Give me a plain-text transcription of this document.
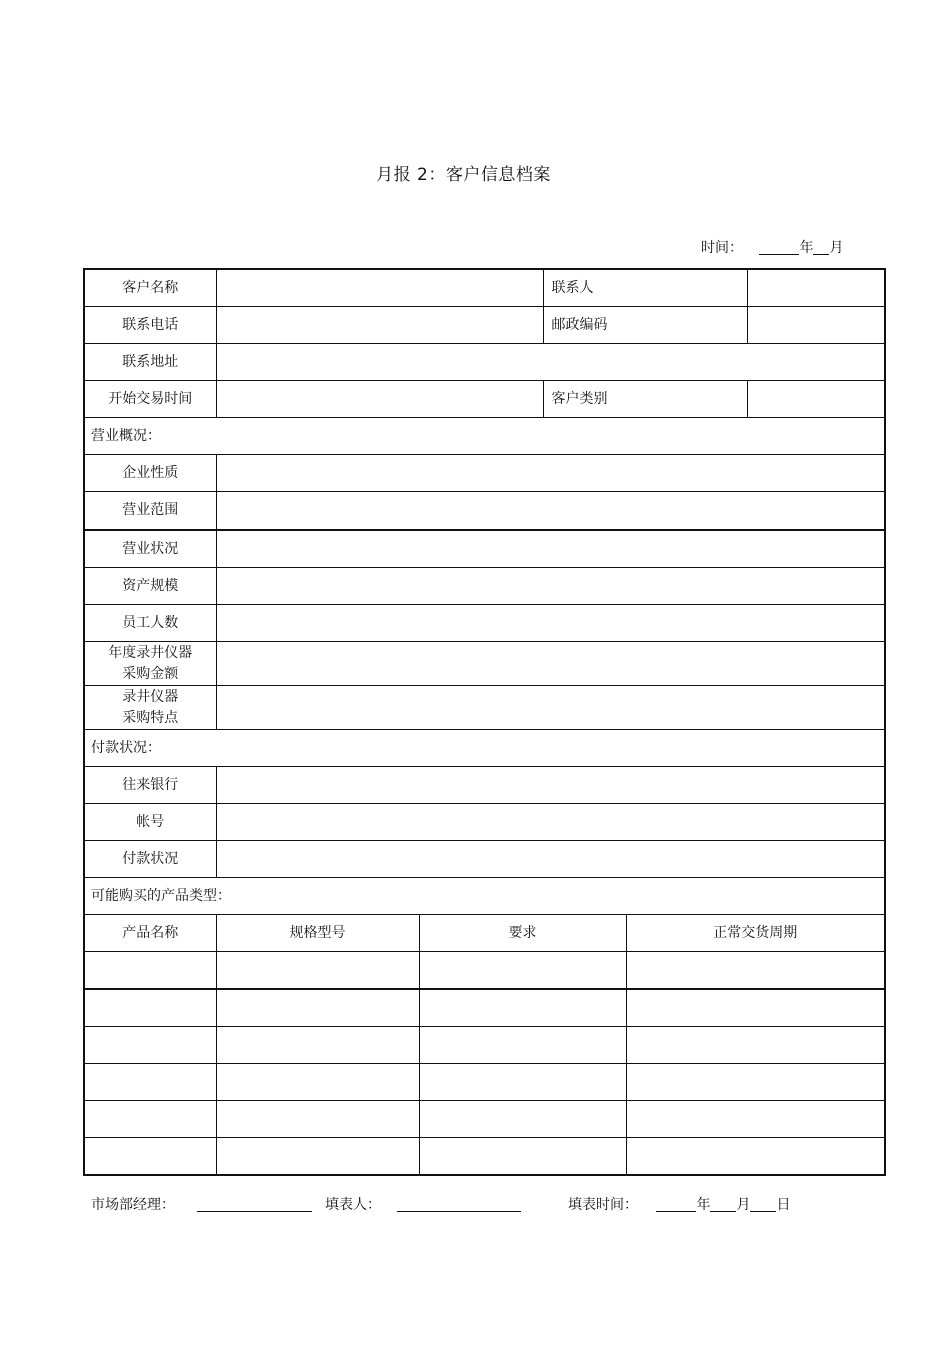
月报 2：客户信息档案
时间：	年 月
客户名称			联系人		
联系电话			邮政编码		
联系地址					
开始交易时间			客户类别		
营业概况：					
企业性质					
营业范围					
营业状况					
资产规模					
员工人数					

年度录井仪器
采购金额					

录井仪器
采购特点					

付款状况：					
往来银行					
帐号					
付款状况					
可能购买的产品类型：					
产品名称	规格型号	要求		正常交货周期	

市场部经理：	填表人：	填表时间：	年 月 日
